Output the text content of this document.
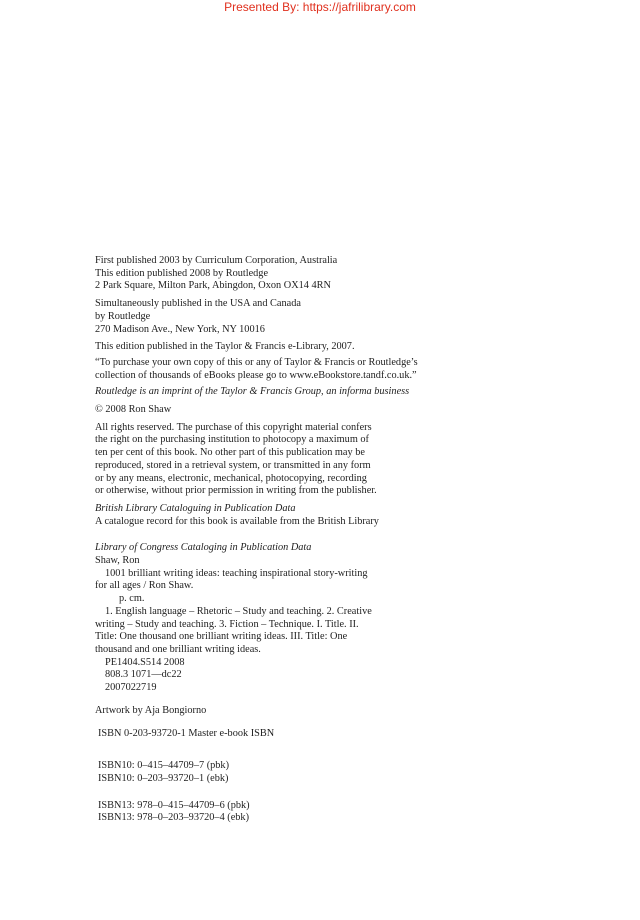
Presented By: https://jafrilibrary.com

First published 2003 by Curriculum Corporation, Australia
This edition published 2008 by Routledge
2 Park Square, Milton Park, Abingdon, Oxon OX14 4RN
Simultaneously published in the USA and Canada
by Routledge
270 Madison Ave., New York, NY 10016
This edition published in the Taylor & Francis e-Library, 2007.
“To purchase your own copy of this or any of Taylor & Francis or Routledge’s
collection of thousands of eBooks please go to www.eBookstore.tandf.co.uk.”
Routledge is an imprint of the Taylor & Francis Group, an informa business
© 2008 Ron Shaw
All rights reserved. The purchase of this copyright material confers
the right on the purchasing institution to photocopy a maximum of
ten per cent of this book. No other part of this publication may be
reproduced, stored in a retrieval system, or transmitted in any form
or by any means, electronic, mechanical, photocopying, recording
or otherwise, without prior permission in writing from the publisher.
British Library Cataloguing in Publication Data
A catalogue record for this book is available from the British Library
Library of Congress Cataloging in Publication Data
Shaw, Ron
1001 brilliant writing ideas: teaching inspirational story-writing
for all ages / Ron Shaw.
p. cm.
1. English language – Rhetoric – Study and teaching. 2. Creative
writing – Study and teaching. 3. Fiction – Technique. I. Title. II.
Title: One thousand one brilliant writing ideas. III. Title: One
thousand and one brilliant writing ideas.
PE1404.S514 2008
808.3 1071—dc22
2007022719
Artwork by Aja Bongiorno
ISBN 0-203-93720-1 Master e-book ISBN
ISBN10: 0–415–44709–7 (pbk)
ISBN10: 0–203–93720–1 (ebk)
ISBN13: 978–0–415–44709–6 (pbk)
ISBN13: 978–0–203–93720–4 (ebk)
